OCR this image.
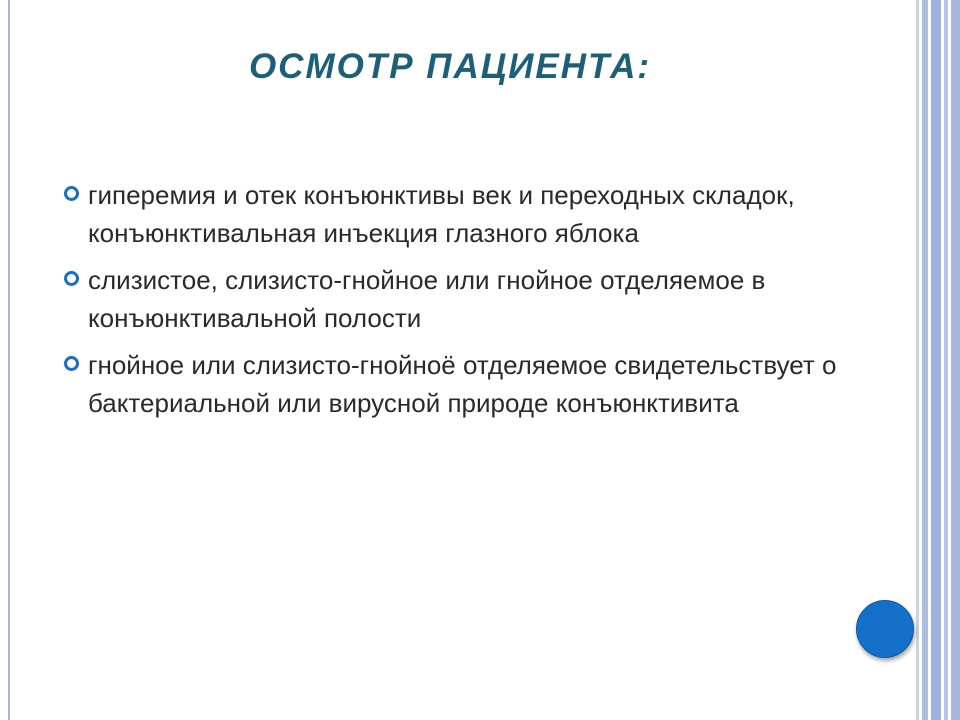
ОСМОТР ПАЦИЕНТА:
гиперемия и отек конъюнктивы век и переходных складок, конъюнктивальная инъекция глазного яблока
слизистое, слизисто-гнойное или гнойное отделяемое в конъюнктивальной полости
гнойное или слизисто-гнойноё отделяемое свидетельствует о бактериальной или вирусной природе конъюнктивита
